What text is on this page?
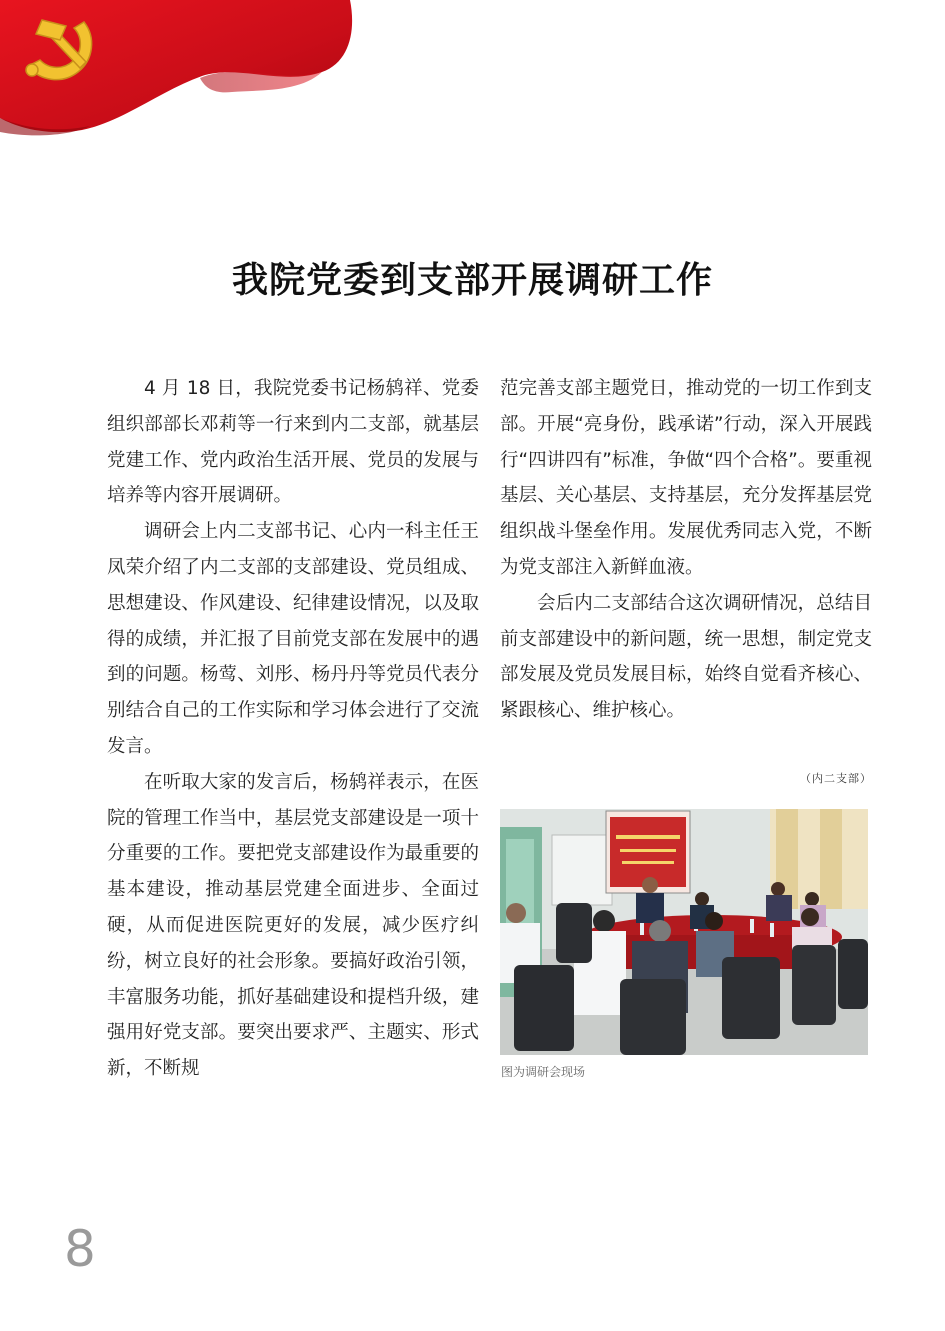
我院党委到支部开展调研工作

4 月 18 日，我院党委书记杨鸫祥、党委组织部部长邓莉等一行来到内二支部，就基层党建工作、党内政治生活开展、党员的发展与培养等内容开展调研。

调研会上内二支部书记、心内一科主任王凤荣介绍了内二支部的支部建设、党员组成、思想建设、作风建设、纪律建设情况，以及取得的成绩，并汇报了目前党支部在发展中的遇到的问题。杨莺、刘彤、杨丹丹等党员代表分别结合自己的工作实际和学习体会进行了交流发言。

在听取大家的发言后，杨鸫祥表示，在医院的管理工作当中，基层党支部建设是一项十分重要的工作。要把党支部建设作为最重要的基本建设，推动基层党建全面进步、全面过硬，从而促进医院更好的发展，减少医疗纠纷，树立良好的社会形象。要搞好政治引领，丰富服务功能，抓好基础建设和提档升级，建强用好党支部。要突出要求严、主题实、形式新，不断规

范完善支部主题党日，推动党的一切工作到支部。开展“亮身份，践承诺”行动，深入开展践行“四讲四有”标准，争做“四个合格”。要重视基层、关心基层、支持基层，充分发挥基层党组织战斗堡垒作用。发展优秀同志入党，不断为党支部注入新鲜血液。

会后内二支部结合这次调研情况，总结目前支部建设中的新问题，统一思想，制定党支部发展及党员发展目标，始终自觉看齐核心、紧跟核心、维护核心。

（内二支部）
图为调研会现场
8
